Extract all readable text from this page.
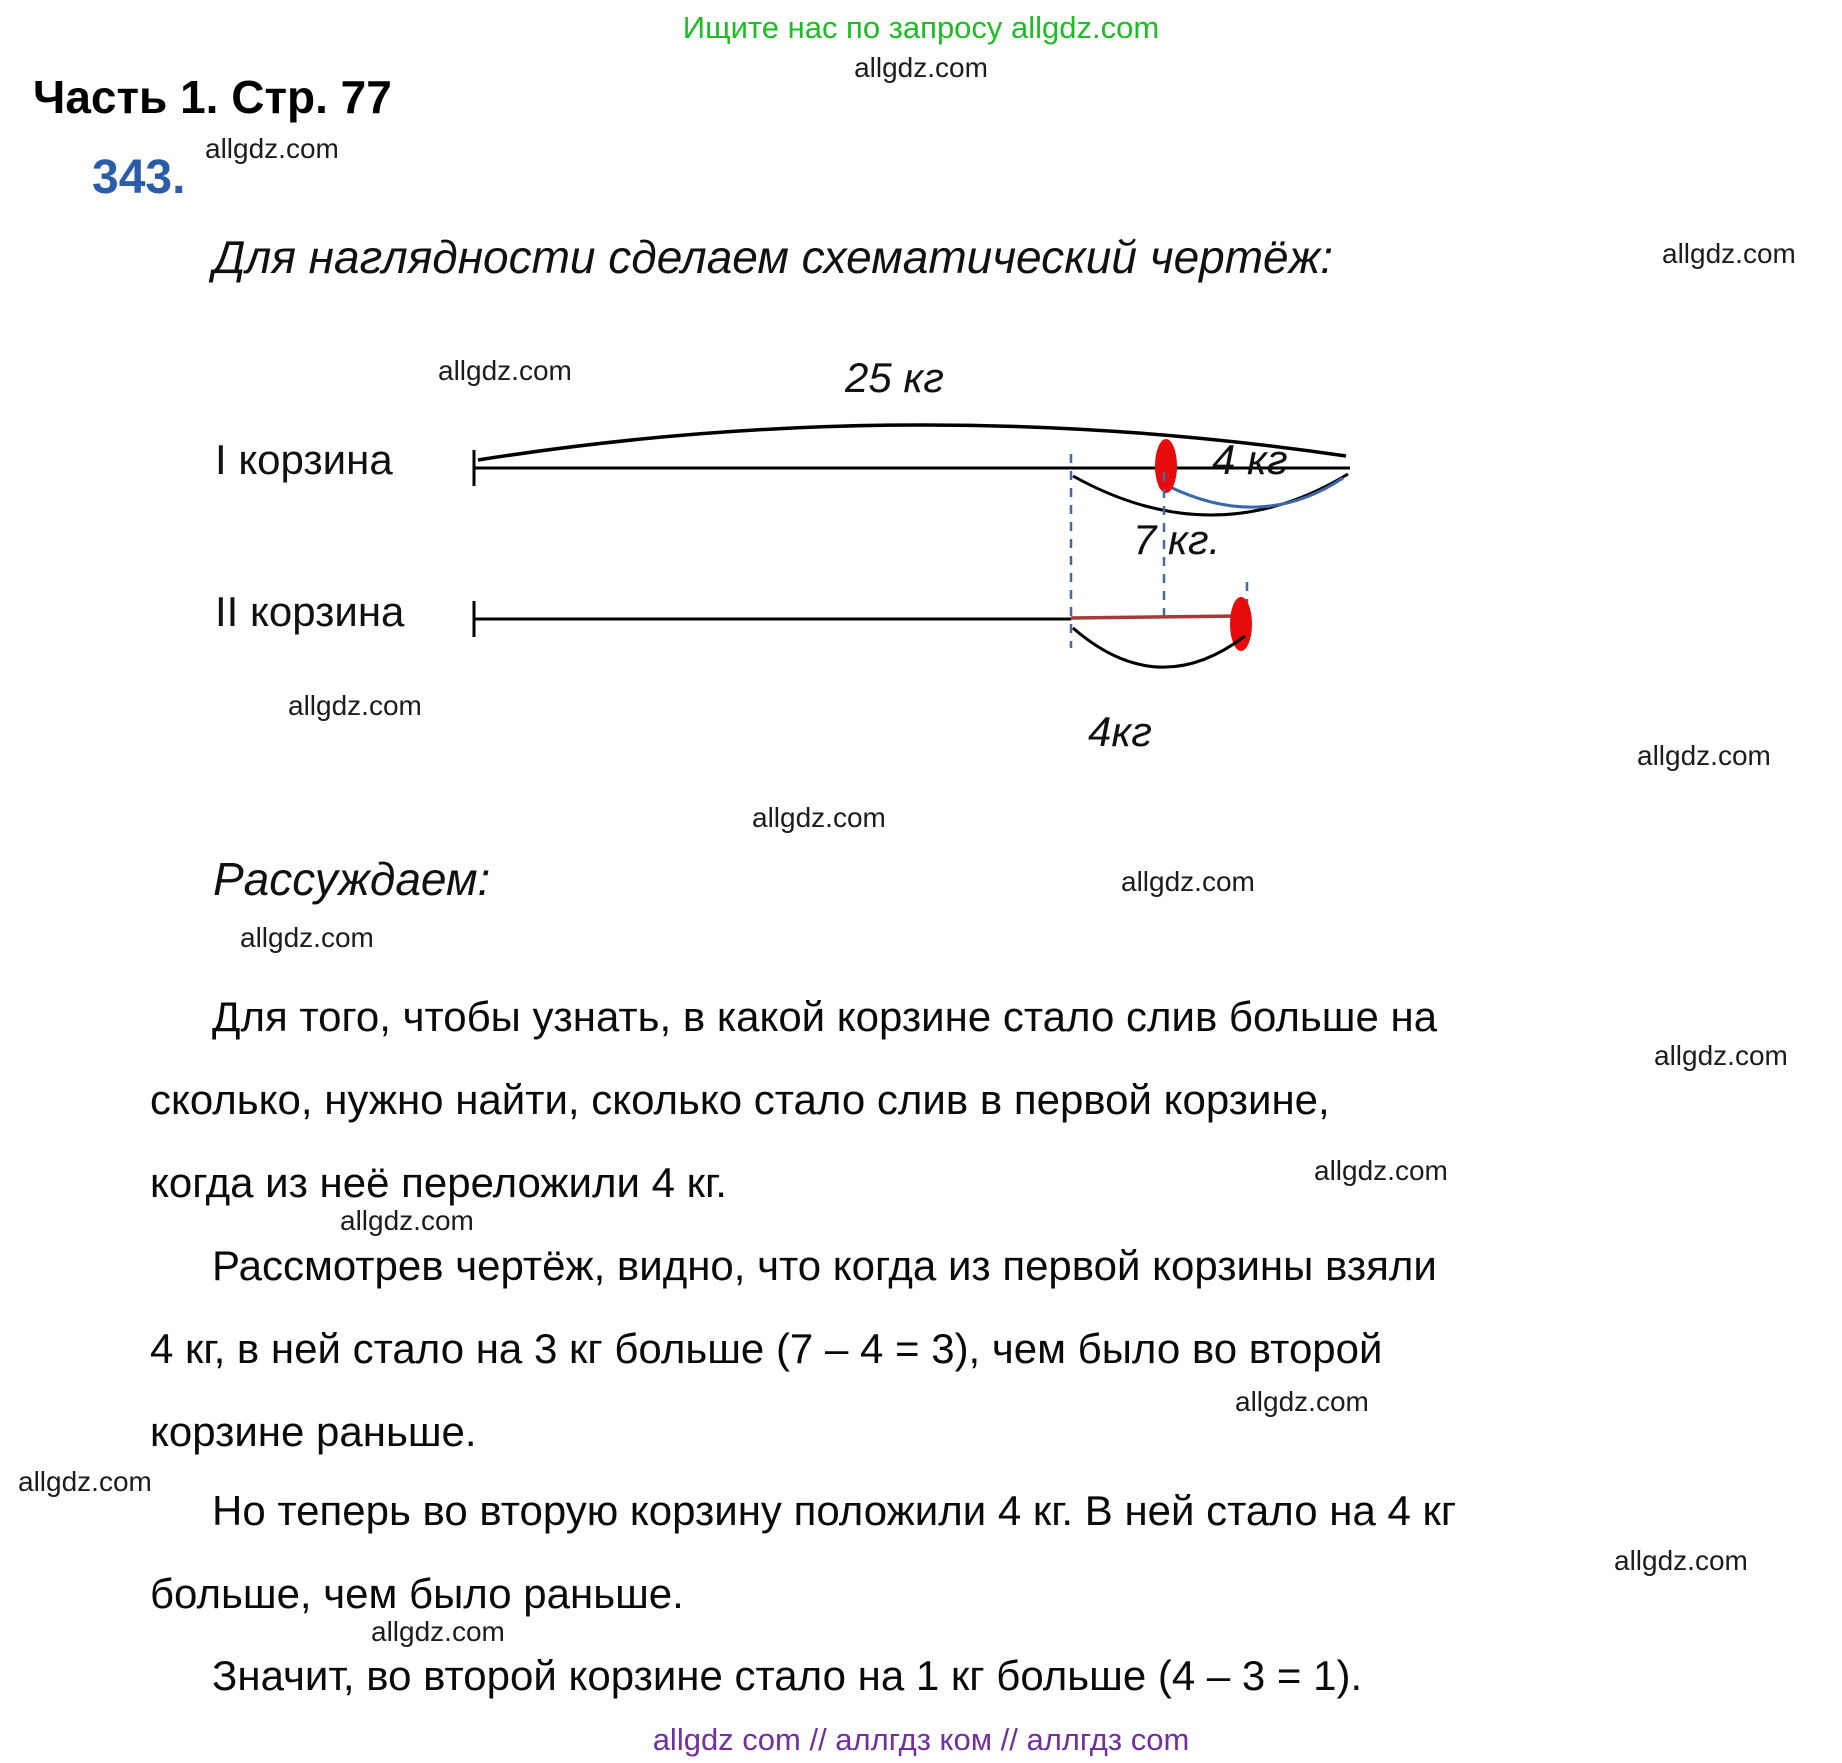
Ищите нас по запросу allgdz.com
allgdz.com
Часть 1. Стр. 77
343.
allgdz.com
Для наглядности сделаем схематический чертёж:	allgdz.com
allgdz.com	25 кг
I корзина	4 кг
7 кг.
II корзина
4кг
allgdz.com
allgdz.com
allgdz.com
Рассуждаем:	allgdz.com
allgdz.com
Для того, чтобы узнать, в какой корзине стало слив больше на
сколько, нужно найти, сколько стало слив в первой корзине,
когда из неё переложили 4 кг.
allgdz.com
allgdz.com
allgdz.com
Рассмотрев чертёж, видно, что когда из первой корзины взяли
4 кг, в ней стало на 3 кг больше (7 – 4 = 3), чем было во второй
корзине раньше.
allgdz.com
allgdz.com
Но теперь во вторую корзину положили 4 кг. В ней стало на 4 кг
больше, чем было раньше.
allgdz.com
allgdz.com
Значит, во второй корзине стало на 1 кг больше (4 – 3 = 1).
allgdz com // аллгдз ком // аллгдз com
